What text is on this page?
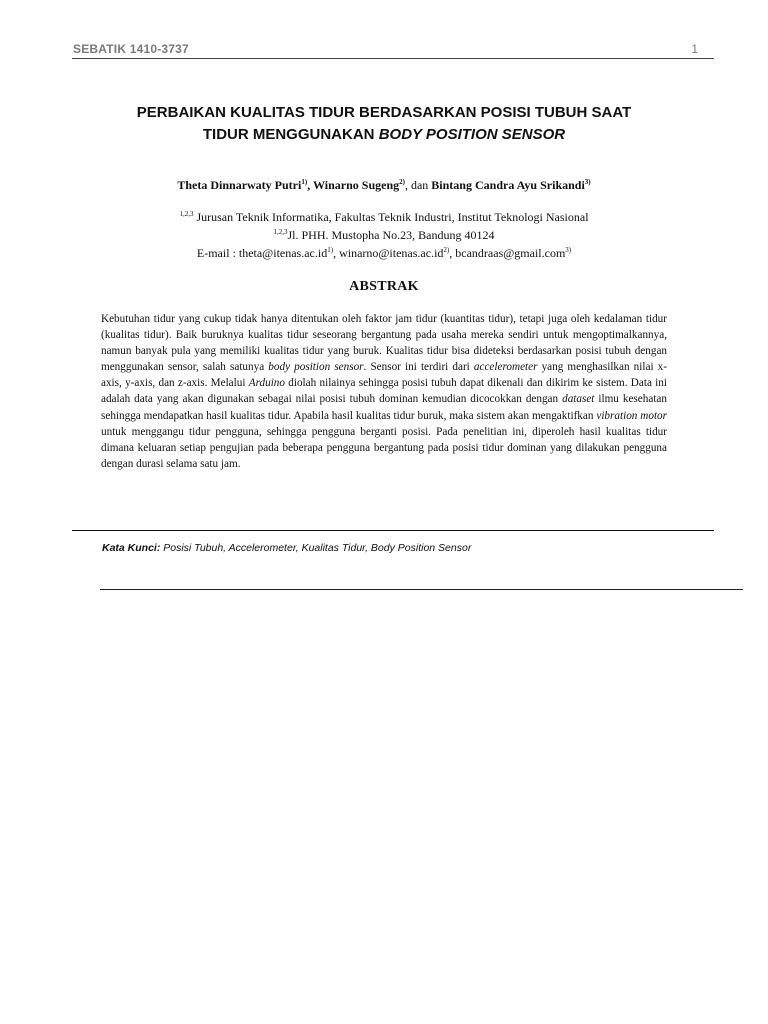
SEBATIK 1410-3737	1
PERBAIKAN KUALITAS TIDUR BERDASARKAN POSISI TUBUH SAAT
TIDUR MENGGUNAKAN BODY POSITION SENSOR
Theta Dinnarwaty Putri$^{1)}$, Winarno Sugeng$^{2)}$, dan Bintang Candra Ayu Srikandi$^{3)}$
$^{1,2,3}$ Jurusan Teknik Informatika, Fakultas Teknik Industri, Institut Teknologi Nasional
$^{1,2,3}$Jl. PHH. Mustopha No.23, Bandung 40124
E-mail : $theta@itenas.ac.id^{1)}$, $winarno@itenas.ac.id^{2)}$, bcandraas@gmail.com$^{3)}$
ABSTRAK
Kebutuhan tidur yang cukup tidak hanya ditentukan oleh faktor jam tidur (kuantitas tidur), tetapi juga oleh kedalaman tidur (kualitas tidur). Baik buruknya kualitas tidur seseorang bergantung pada usaha mereka sendiri untuk mengoptimalkannya, namun banyak pula yang memiliki kualitas tidur yang buruk. Kualitas tidur bisa dideteksi berdasarkan posisi tubuh dengan menggunakan sensor, salah satunya body position sensor. Sensor ini terdiri dari accelerometer yang menghasilkan nilai x- axis, y-axis, dan z-axis. Melalui Arduino diolah nilainya sehingga posisi tubuh dapat dikenali dan dikirim ke sistem. Data ini adalah data yang akan digunakan sebagai nilai posisi tubuh dominan kemudian dicocokkan dengan dataset ilmu kesehatan sehingga mendapatkan hasil kualitas tidur. Apabila hasil kualitas tidur buruk, maka sistem akan mengaktifkan vibration motor untuk menggangu tidur pengguna, sehingga pengguna berganti posisi. Pada penelitian ini, diperoleh hasil kualitas tidur dimana keluaran setiap pengujian pada beberapa pengguna bergantung pada posisi tidur dominan yang dilakukan pengguna dengan durasi selama satu jam.
Kata Kunci: Posisi Tubuh, Accelerometer, Kualitas Tidur, Body Position Sensor
